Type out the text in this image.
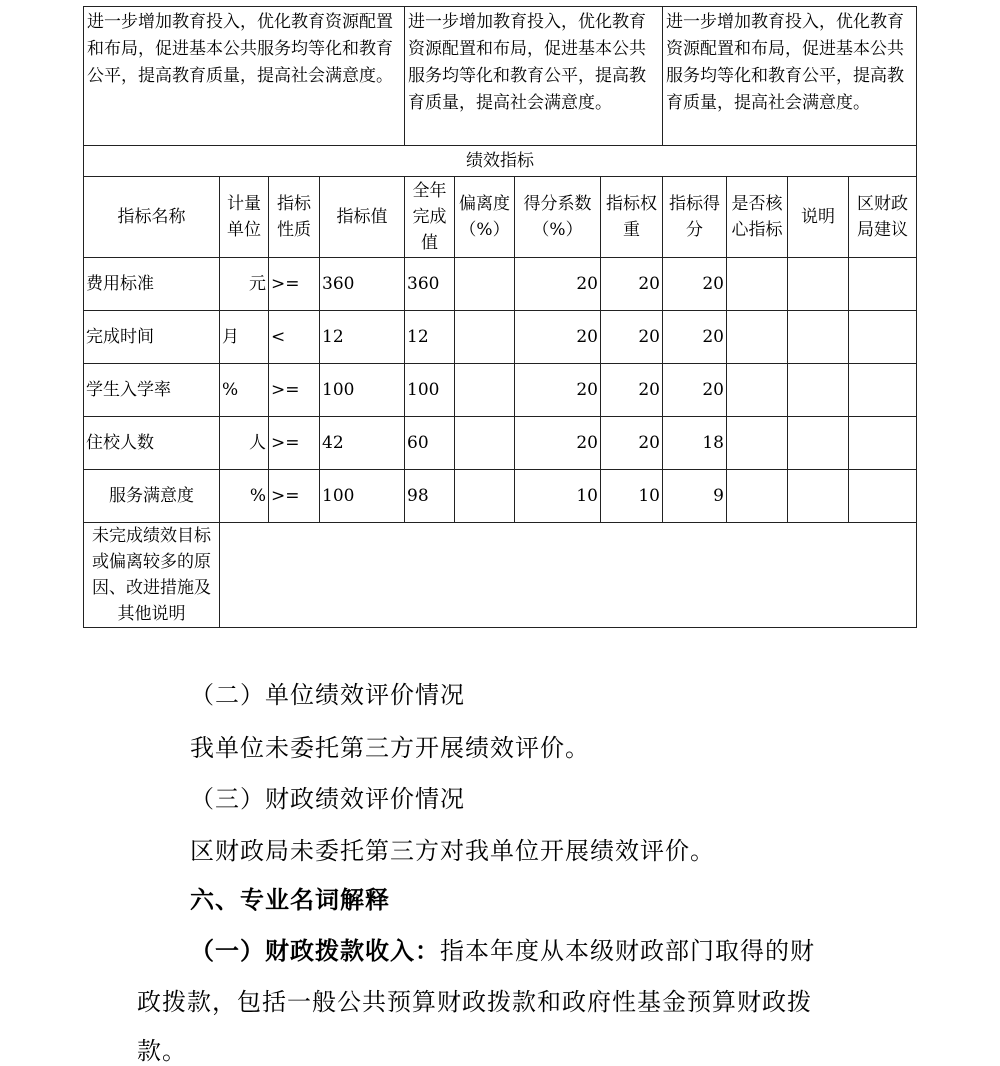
进一步增加教育投入，优化教育资源配置和布局，促进基本公共服务均等化和教育公平，提高教育质量，提高社会满意度。				进一步增加教育投入，优化教育资源配置和布局，促进基本公共服务均等化和教育公平，提高教育质量，提高社会满意度。				进一步增加教育投入，优化教育资源配置和布局，促进基本公共服务均等化和教育公平，提高教育质量，提高社会满意度。			
绩效指标											
指标名称	计量单位	指标性质	指标值	全年完成值	偏离度（%）	得分系数（%）	指标权重	指标得分	是否核心指标	说明	区财政局建议
费用标准	元	>=	360	360		20	20	20			
完成时间	月	<	12	12		20	20	20			
学生入学率	%	>=	100	100		20	20	20			
住校人数	人	>=	42	60		20	20	18			
服务满意度	%	>=	100	98		10	10	9			
未完成绩效目标或偏离较多的原因、改进措施及其他说明											
（二）单位绩效评价情况
我单位未委托第三方开展绩效评价。
（三）财政绩效评价情况
区财政局未委托第三方对我单位开展绩效评价。
六、专业名词解释
（一）财政拨款收入：指本年度从本级财政部门取得的财
政拨款，包括一般公共预算财政拨款和政府性基金预算财政拨
款。
